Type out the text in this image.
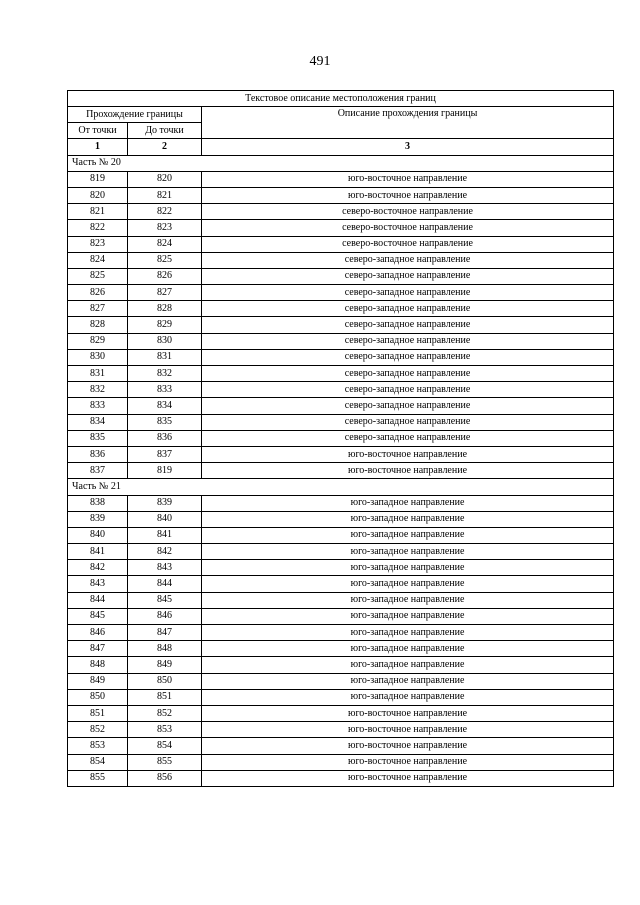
491
Текстовое описание местоположения границ		
Прохождение границы		Описание прохождения границы
От точки	До точки	
1	2	3
Часть № 20		
819	820	юго-восточное направление
820	821	юго-восточное направление
821	822	северо-восточное направление
822	823	северо-восточное направление
823	824	северо-восточное направление
824	825	северо-западное направление
825	826	северо-западное направление
826	827	северо-западное направление
827	828	северо-западное направление
828	829	северо-западное направление
829	830	северо-западное направление
830	831	северо-западное направление
831	832	северо-западное направление
832	833	северо-западное направление
833	834	северо-западное направление
834	835	северо-западное направление
835	836	северо-западное направление
836	837	юго-восточное направление
837	819	юго-восточное направление
Часть № 21		
838	839	юго-западное направление
839	840	юго-западное направление
840	841	юго-западное направление
841	842	юго-западное направление
842	843	юго-западное направление
843	844	юго-западное направление
844	845	юго-западное направление
845	846	юго-западное направление
846	847	юго-западное направление
847	848	юго-западное направление
848	849	юго-западное направление
849	850	юго-западное направление
850	851	юго-западное направление
851	852	юго-восточное направление
852	853	юго-восточное направление
853	854	юго-восточное направление
854	855	юго-восточное направление
855	856	юго-восточное направление
